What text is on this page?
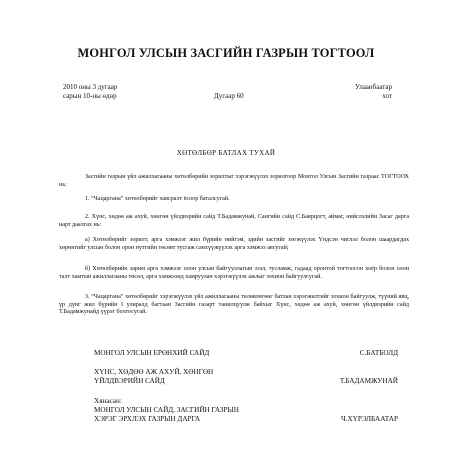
МОНГОЛ УЛСЫН ЗАСГИЙН ГАЗРЫН ТОГТООЛ
2010 оны 3 дугаар
сарын 10-ны өдөр	Дугаар 60
Улаанбаатар
хот
ХӨТӨЛБӨР БАТЛАХ ТУХАЙ
Засгийн газрын үйл ажиллагааны хөтөлбөрийн зорилтыг хэрэгжүүлэх зорилгоор Монгол Улсын Засгийн газраас ТОГТООХ нь:
1. “Чацаргана” хөтөлбөрийг хавсралт ёсоор баталсугай.
2. Хүнс, хөдөө аж ахуй, хөнгөн үйлдвэрийн сайд Т.Бадамжунай, Сангийн сайд С.Баярцогт, аймаг, нийслэлийн Засаг дарга нарт даалгах нь:
а) Хөтөлбөрийг зорилт, арга хэмжээг жил бүрийн нийгэм, эдийн засгийг хөгжүүлэх Үндсэн чиглэл болон шаардагдах хөрөнгийг улсын болон орон нутгийн төсөвт тусгаж санхүүжүүлэх арга хэмжээ авсугай;
б) Хөтөлбөрийн зарим арга хэмжээг олон улсын байгууллагын зээл, тусламж, гадаад оронтой тогтоосон хоёр болон олон талт хамтын ажиллагааны төсөл, арга хэмжээнд хамруулан хэрэгжүүлэх ажлыг зохион байгуулсугай.
3. “Чацаргана” хөтөлбөрийг хэрэгжүүлэх үйл ажиллагааны төлөвлөгөөг батлан хэрэгжилтийг зохион байгуулж, түүний явц, үр дүнг жил бүрийн I улиралд багтаан Засгийн газарт танилцуулж байхыг Хүнс, хөдөө аж ахуй, хөнгөн үйлдвэрийн сайд Т.Бадамжунайд үүрэг болгосугай.
МОНГОЛ УЛСЫН ЕРӨНХИЙ САЙД	С.БАТБОЛД
ХҮНС, ХӨДӨӨ АЖ АХУЙ, ХӨНГӨН
ҮЙЛДВЭРИЙН САЙД	Т.БАДАМЖУНАЙ
Хянасан:
МОНГОЛ УЛСЫН САЙД, ЗАСГИЙН ГАЗРЫН
ХЭРЭГ ЭРХЛЭХ ГАЗРЫН ДАРГА	Ч.ХҮРЭЛБААТАР
